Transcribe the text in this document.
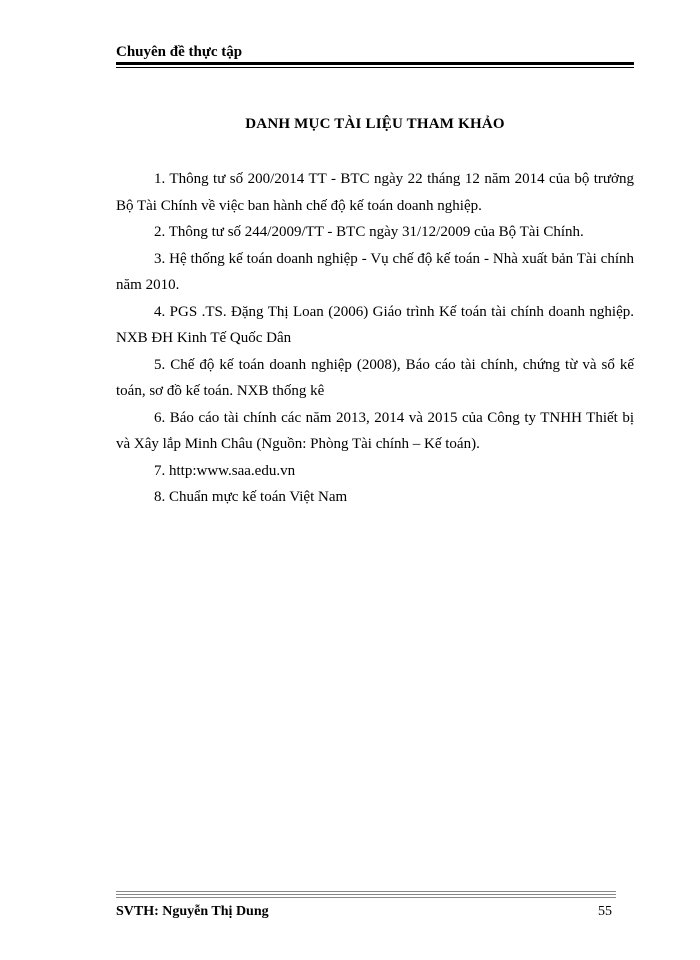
Chuyên đề thực tập
DANH MỤC TÀI LIỆU THAM KHẢO

1. Thông tư số 200/2014 TT - BTC ngày 22 tháng 12 năm 2014 của bộ trưởng Bộ Tài Chính về việc ban hành chế độ kế toán doanh nghiệp.

2. Thông tư số 244/2009/TT - BTC ngày 31/12/2009 của Bộ Tài Chính.

3. Hệ thống kế toán doanh nghiệp - Vụ chế độ kế toán - Nhà xuất bản Tài chính năm 2010.

4. PGS .TS. Đặng Thị Loan (2006) Giáo trình Kế toán tài chính doanh nghiệp. NXB ĐH Kinh Tế Quốc Dân

5. Chế độ kế toán doanh nghiệp (2008), Báo cáo tài chính, chứng từ và sổ kế toán, sơ đồ kế toán. NXB thống kê

6. Báo cáo tài chính các năm 2013, 2014 và 2015 của Công ty TNHH Thiết bị và Xây lắp Minh Châu (Nguồn: Phòng Tài chính – Kế toán).

7. http:www.saa.edu.vn

8. Chuẩn mực kế toán Việt Nam

SVTH: Nguyễn Thị Dung	55
